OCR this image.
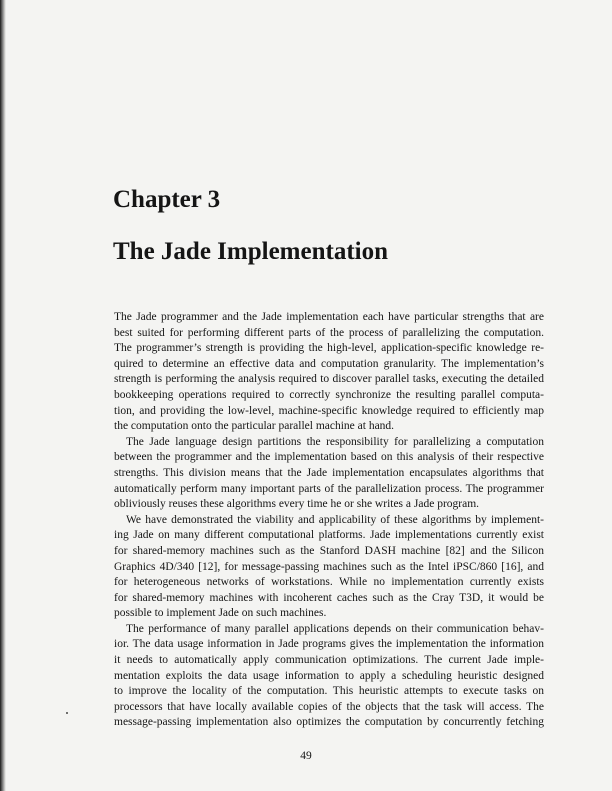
Chapter 3
The Jade Implementation
The Jade programmer and the Jade implementation each have particular strengths that are
best suited for performing different parts of the process of parallelizing the computation.
The programmer’s strength is providing the high-level, application-specific knowledge re-
quired to determine an effective data and computation granularity. The implementation’s
strength is performing the analysis required to discover parallel tasks, executing the detailed
bookkeeping operations required to correctly synchronize the resulting parallel computa-
tion, and providing the low-level, machine-specific knowledge required to efficiently map
the computation onto the particular parallel machine at hand.
The Jade language design partitions the responsibility for parallelizing a computation
between the programmer and the implementation based on this analysis of their respective
strengths. This division means that the Jade implementation encapsulates algorithms that
automatically perform many important parts of the parallelization process. The programmer
obliviously reuses these algorithms every time he or she writes a Jade program.
We have demonstrated the viability and applicability of these algorithms by implement-
ing Jade on many different computational platforms. Jade implementations currently exist
for shared-memory machines such as the Stanford DASH machine [82] and the Silicon
Graphics 4D/340 [12], for message-passing machines such as the Intel iPSC/860 [16], and
for heterogeneous networks of workstations. While no implementation currently exists
for shared-memory machines with incoherent caches such as the Cray T3D, it would be
possible to implement Jade on such machines.
The performance of many parallel applications depends on their communication behav-
ior. The data usage information in Jade programs gives the implementation the information
it needs to automatically apply communication optimizations. The current Jade imple-
mentation exploits the data usage information to apply a scheduling heuristic designed
to improve the locality of the computation. This heuristic attempts to execute tasks on
processors that have locally available copies of the objects that the task will access. The
message-passing implementation also optimizes the computation by concurrently fetching
49
